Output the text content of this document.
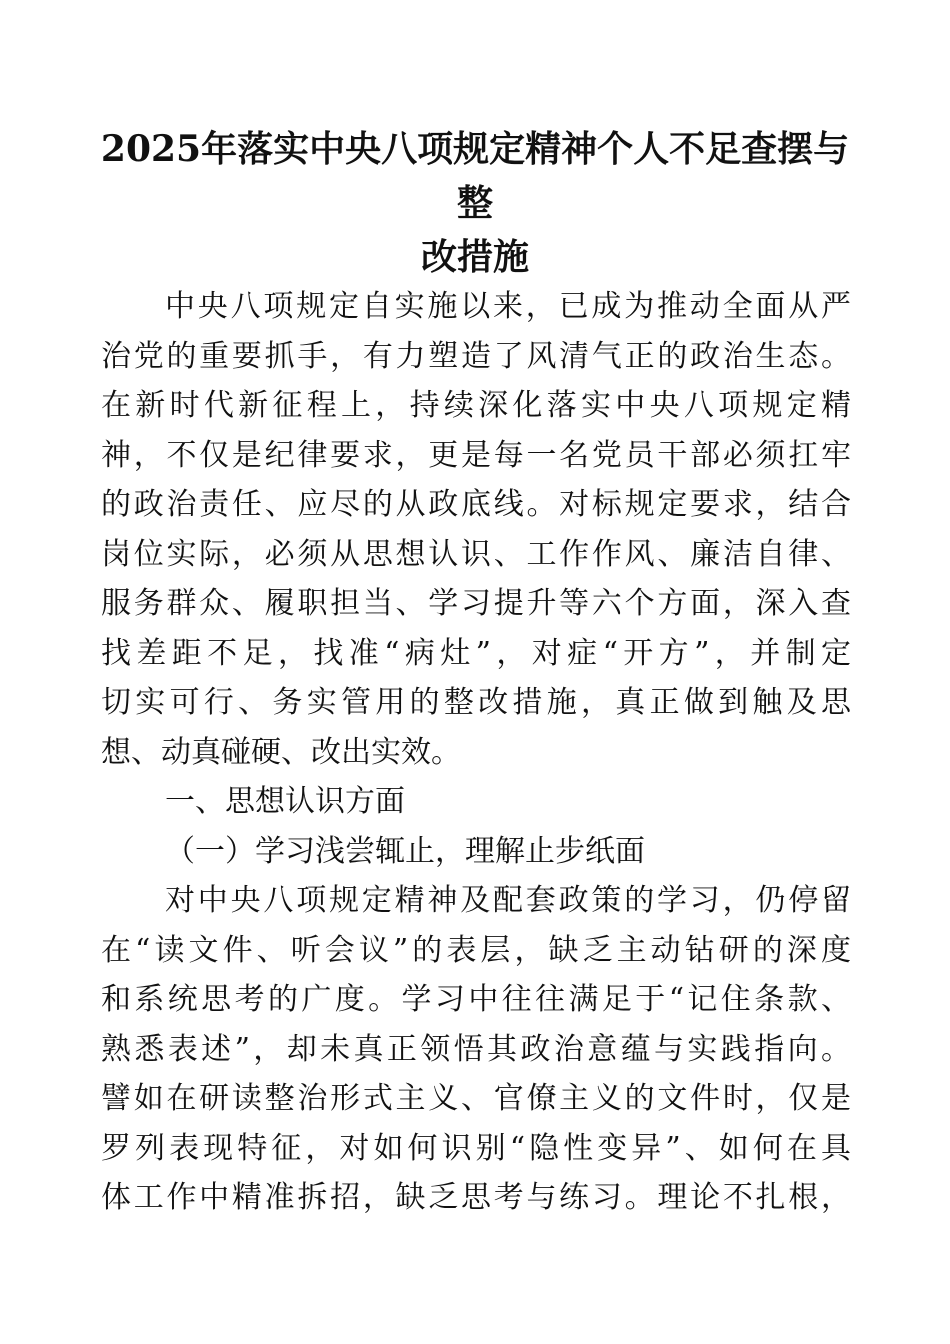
2025年落实中央八项规定精神个人不足查摆与整
改措施
中央八项规定自实施以来，已成为推动全面从严
治党的重要抓手，有力塑造了风清气正的政治生态。
在新时代新征程上，持续深化落实中央八项规定精
神，不仅是纪律要求，更是每一名党员干部必须扛牢
的政治责任、应尽的从政底线。对标规定要求，结合
岗位实际，必须从思想认识、工作作风、廉洁自律、
服务群众、履职担当、学习提升等六个方面，深入查
找差距不足，找准“病灶”，对症“开方”，并制定
切实可行、务实管用的整改措施，真正做到触及思
想、动真碰硬、改出实效。
一、思想认识方面
（一）学习浅尝辄止，理解止步纸面
对中央八项规定精神及配套政策的学习，仍停留
在“读文件、听会议”的表层，缺乏主动钻研的深度
和系统思考的广度。学习中往往满足于“记住条款、
熟悉表述”，却未真正领悟其政治意蕴与实践指向。
譬如在研读整治形式主义、官僚主义的文件时，仅是
罗列表现特征，对如何识别“隐性变异”、如何在具
体工作中精准拆招，缺乏思考与练习。理论不扎根，
